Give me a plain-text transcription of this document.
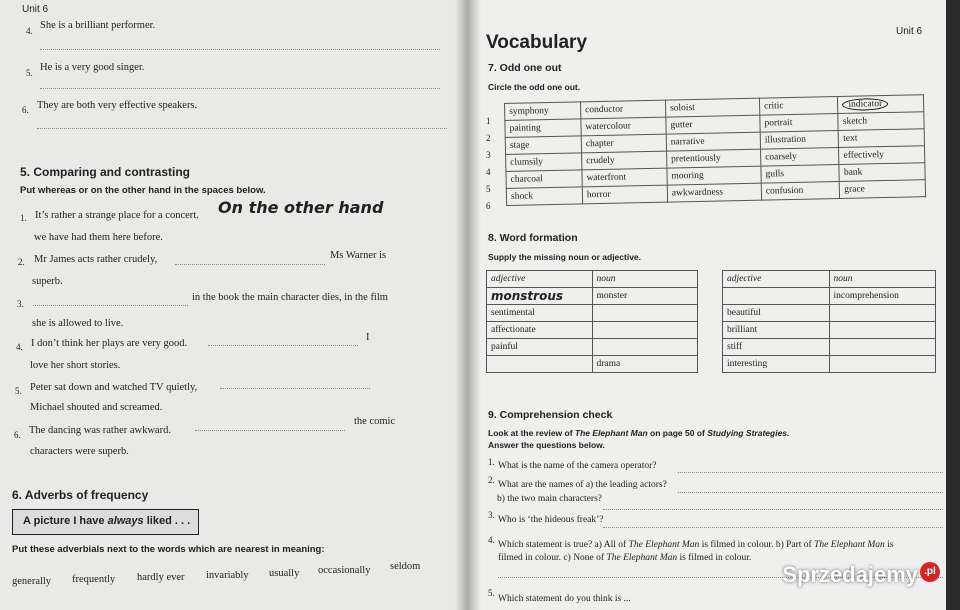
Unit 6
4. She is a brilliant performer.
5. He is a very good singer.
6. They are both very effective speakers.
5. Comparing and contrasting
Put whereas or on the other hand in the spaces below.
1. It’s rather a strange place for a concert. On the other hand
we have had them here before.
2. Mr James acts rather crudely,	Ms Warner is
superb.
3.
in the book the main character dies, in the film
she is allowed to live.
4. I don’t think her plays are very good.
I
love her short stories.
5. Peter sat down and watched TV quietly,
Michael shouted and screamed.
6. The dancing was rather awkward.
the comic
characters were superb.
6. Adverbs of frequency
A picture I have always liked . . .
Put these adverbials next to the words which are nearest in meaning:
generally frequently hardly ever invariably usually occasionally seldom
Unit 6
Vocabulary
7. Odd one out
Circle the odd one out.
1
2
3
4
5
6
symphony	conductor	soloist	critic	indicator
painting	watercolour	gutter	portrait	sketch
stage	chapter	narrative	illustration	text
clumsily	crudely	pretentiously	coarsely	effectively
charcoal	waterfront	mooring	gulls	bank
shock	horror	awkwardness	confusion	grace
8. Word formation
Supply the missing noun or adjective.
adjective	noun
monstrous	monster
sentimental	
affectionate	
painful	
	drama
adjective	noun
	incomprehension
beautiful	
brilliant	
stiff	
interesting	
9. Comprehension check
Look at the review of The Elephant Man on page 50 of Studying Strategies.
Answer the questions below.
1. What is the name of the camera operator?
2. What are the names of a) the leading actors?
b) the two main characters?
3. Who is ‘the hideous freak’?
4. Which statement is true? a) All of The Elephant Man is filmed in colour. b) Part of The Elephant Man is
filmed in colour. c) None of The Elephant Man is filmed in colour.
5.
Which statement do you think is ...
Sprzedajemy .pl
